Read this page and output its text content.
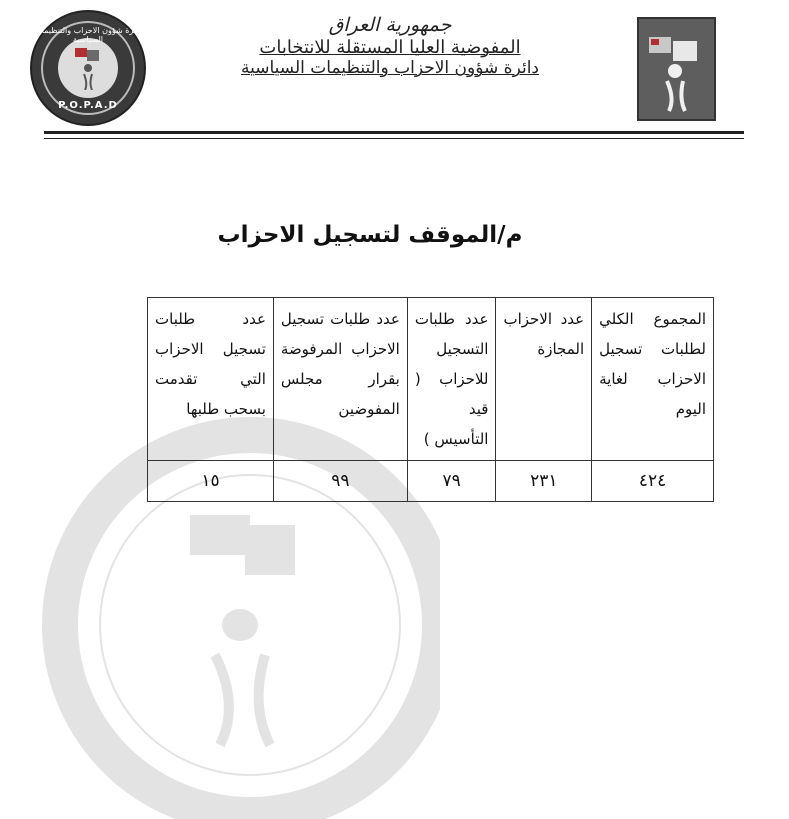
دائرة شؤون الاحزاب والتنظيمات السياسية
P.O.P.A.D
جمهورية العراق
المفوضية العليا المستقلة للانتخابات
دائرة شؤون الاحزاب والتنظيمات السياسية
م/الموقف لتسجيل الاحزاب
المجموع الكلي لطلبات تسجيل الاحزاب لغاية اليوم	عدد الاحزاب المجازة	عدد طلبات التسجيل للاحزاب ( قيد التأسيس )	عدد طلبات تسجيل الاحزاب المرفوضة بقرار مجلس المفوضين	عدد طلبات تسجيل الاحزاب التي تقدمت بسحب طلبها
٤٢٤	٢٣١	٧٩	٩٩	١٥
